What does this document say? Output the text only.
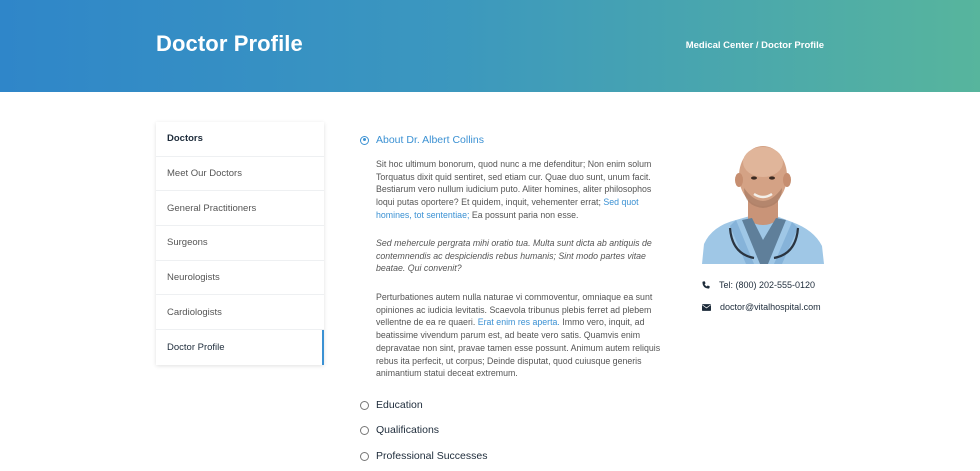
Doctor Profile	Medical Center / Doctor Profile
Doctors
Meet Our Doctors
General Practitioners
Surgeons
Neurologists
Cardiologists
Doctor Profile
About Dr. Albert Collins

Sit hoc ultimum bonorum, quod nunc a me defenditur; Non enim solum Torquatus dixit quid sentiret, sed etiam cur. Quae duo sunt, unum facit. Bestiarum vero nullum iudicium puto. Aliter homines, aliter philosophos loqui putas oportere? Et quidem, inquit, vehementer errat; Sed quot homines, tot sententiae; Ea possunt paria non esse.

Sed mehercule pergrata mihi oratio tua. Multa sunt dicta ab antiquis de contemnendis ac despiciendis rebus humanis; Sint modo partes vitae beatae. Qui convenit?

Perturbationes autem nulla naturae vi commoventur, omniaque ea sunt opiniones ac iudicia levitatis. Scaevola tribunus plebis ferret ad plebem vellentne de ea re quaeri. Erat enim res aperta. Immo vero, inquit, ad beatissime vivendum parum est, ad beate vero satis. Quamvis enim depravatae non sint, pravae tamen esse possunt. Animum autem reliquis rebus ita perfecit, ut corpus; Deinde disputat, quod cuiusque generis animantium statui deceat extremum.

Education
Qualifications
Professional Successes
Tel: (800) 202-555-0120
doctor@vitalhospital.com
